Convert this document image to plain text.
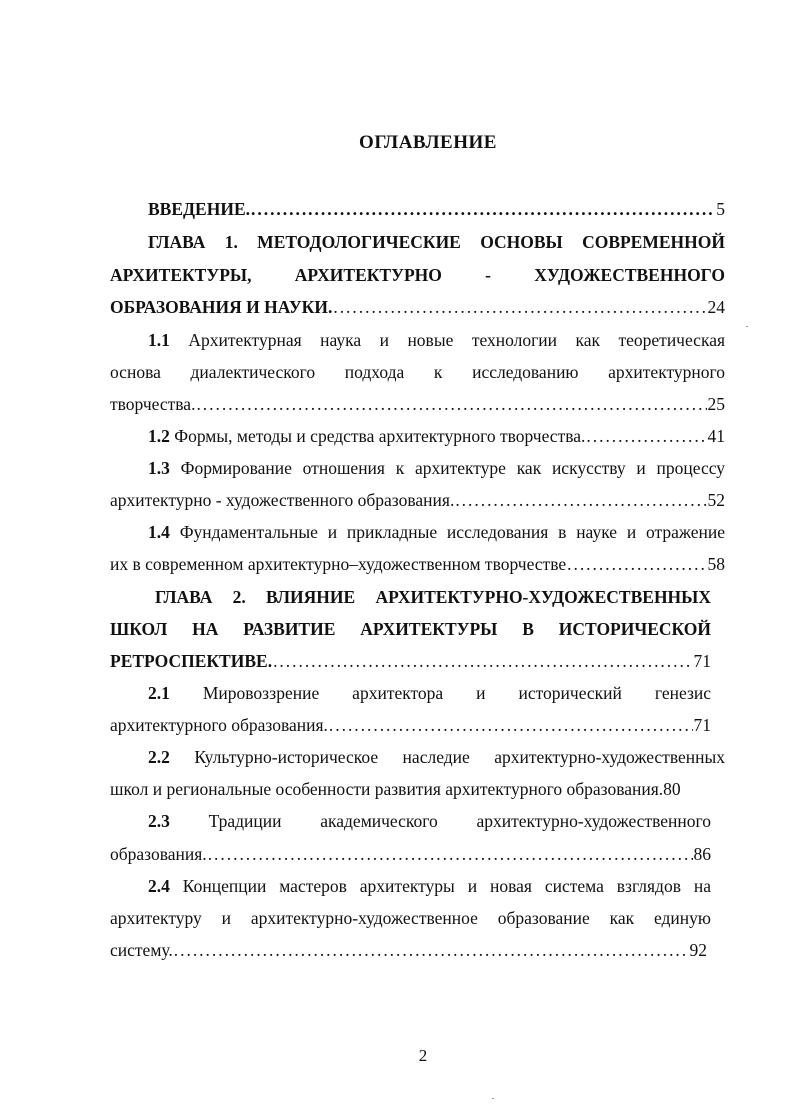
ОГЛАВЛЕНИЕ
ВВЕДЕНИЕ. . . .	5
ГЛАВА 1. МЕТОДОЛОГИЧЕСКИЕ ОСНОВЫ СОВРЕМЕННОЙ
АРХИТЕКТУРЫ, АРХИТЕКТУРНО - ХУДОЖЕСТВЕННОГО
ОБРАЗОВАНИЯ И НАУКИ. . . .	24
1.1 Архитектурная наука и новые технологии как теоретическая
основа диалектического подхода к исследованию архитектурного
творчества. . . .	25
1.2 Формы, методы и средства архитектурного творчества. . . .	41
1.3 Формирование отношения к архитектуре как искусству и процессу
архитектурно - художественного образования. . . .	52
1.4 Фундаментальные и прикладные исследования в науке и отражение
их в современном архитектурно–художественном творчестве . . .	58
ГЛАВА 2. ВЛИЯНИЕ АРХИТЕКТУРНО-ХУДОЖЕСТВЕННЫХ
ШКОЛ НА РАЗВИТИЕ АРХИТЕКТУРЫ В ИСТОРИЧЕСКОЙ
РЕТРОСПЕКТИВЕ. . . .	71
2.1 Мировоззрение архитектора и исторический генезис
архитектурного образования. . . .	71
2.2 Культурно-историческое наследие архитектурно-художественных
школ и региональные особенности развития архитектурного образования.80
2.3 Традиции академического архитектурно-художественного
образования. . . .	86
2.4 Концепции мастеров архитектуры и новая система взглядов на
архитектуру и архитектурно-художественное образование как единую
систему. . . .	92
2
